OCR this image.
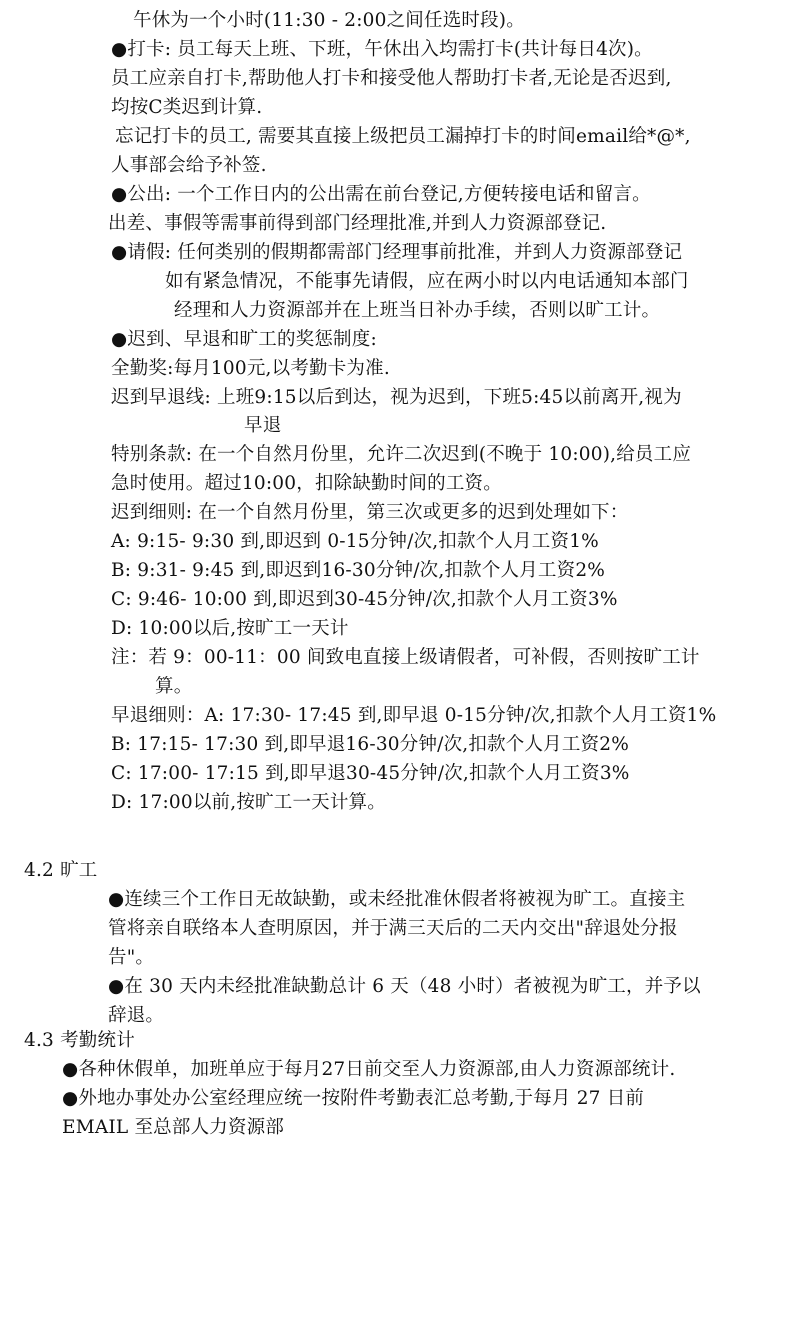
午休为一个小时(11:30 - 2:00之间任选时段)。
●打卡: 员工每天上班、下班，午休出入均需打卡(共计每日4次)。
员工应亲自打卡,帮助他人打卡和接受他人帮助打卡者,无论是否迟到,
均按C类迟到计算.
忘记打卡的员工, 需要其直接上级把员工漏掉打卡的时间email给*@*,
人事部会给予补签.
●公出: 一个工作日内的公出需在前台登记,方便转接电话和留言。
出差、事假等需事前得到部门经理批准,并到人力资源部登记.
●请假: 任何类别的假期都需部门经理事前批准，并到人力资源部登记
如有紧急情况，不能事先请假，应在两小时以内电话通知本部门
经理和人力资源部并在上班当日补办手续，否则以旷工计。
●迟到、早退和旷工的奖惩制度:
全勤奖:每月100元,以考勤卡为准.
迟到早退线: 上班9:15以后到达，视为迟到，下班5:45以前离开,视为
早退
特别条款: 在一个自然月份里，允许二次迟到(不晚于 10:00),给员工应
急时使用。超过10:00，扣除缺勤时间的工资。
迟到细则: 在一个自然月份里，第三次或更多的迟到处理如下：
A: 9:15- 9:30 到,即迟到 0-15分钟/次,扣款个人月工资1%
B: 9:31- 9:45 到,即迟到16-30分钟/次,扣款个人月工资2%
C: 9:46- 10:00 到,即迟到30-45分钟/次,扣款个人月工资3%
D: 10:00以后,按旷工一天计
注：若 9：00-11：00 间致电直接上级请假者，可补假，否则按旷工计
算。
早退细则：A: 17:30- 17:45 到,即早退 0-15分钟/次,扣款个人月工资1%
B: 17:15- 17:30 到,即早退16-30分钟/次,扣款个人月工资2%
C: 17:00- 17:15 到,即早退30-45分钟/次,扣款个人月工资3%
D: 17:00以前,按旷工一天计算。
4.2 旷工
●连续三个工作日无故缺勤，或未经批准休假者将被视为旷工。直接主
管将亲自联络本人查明原因，并于满三天后的二天内交出"辞退处分报
告"。
●在 30 天内未经批准缺勤总计 6 天（48 小时）者被视为旷工，并予以
辞退。
4.3 考勤统计
●各种休假单，加班单应于每月27日前交至人力资源部,由人力资源部统计.
●外地办事处办公室经理应统一按附件考勤表汇总考勤,于每月 27 日前
EMAIL 至总部人力资源部
